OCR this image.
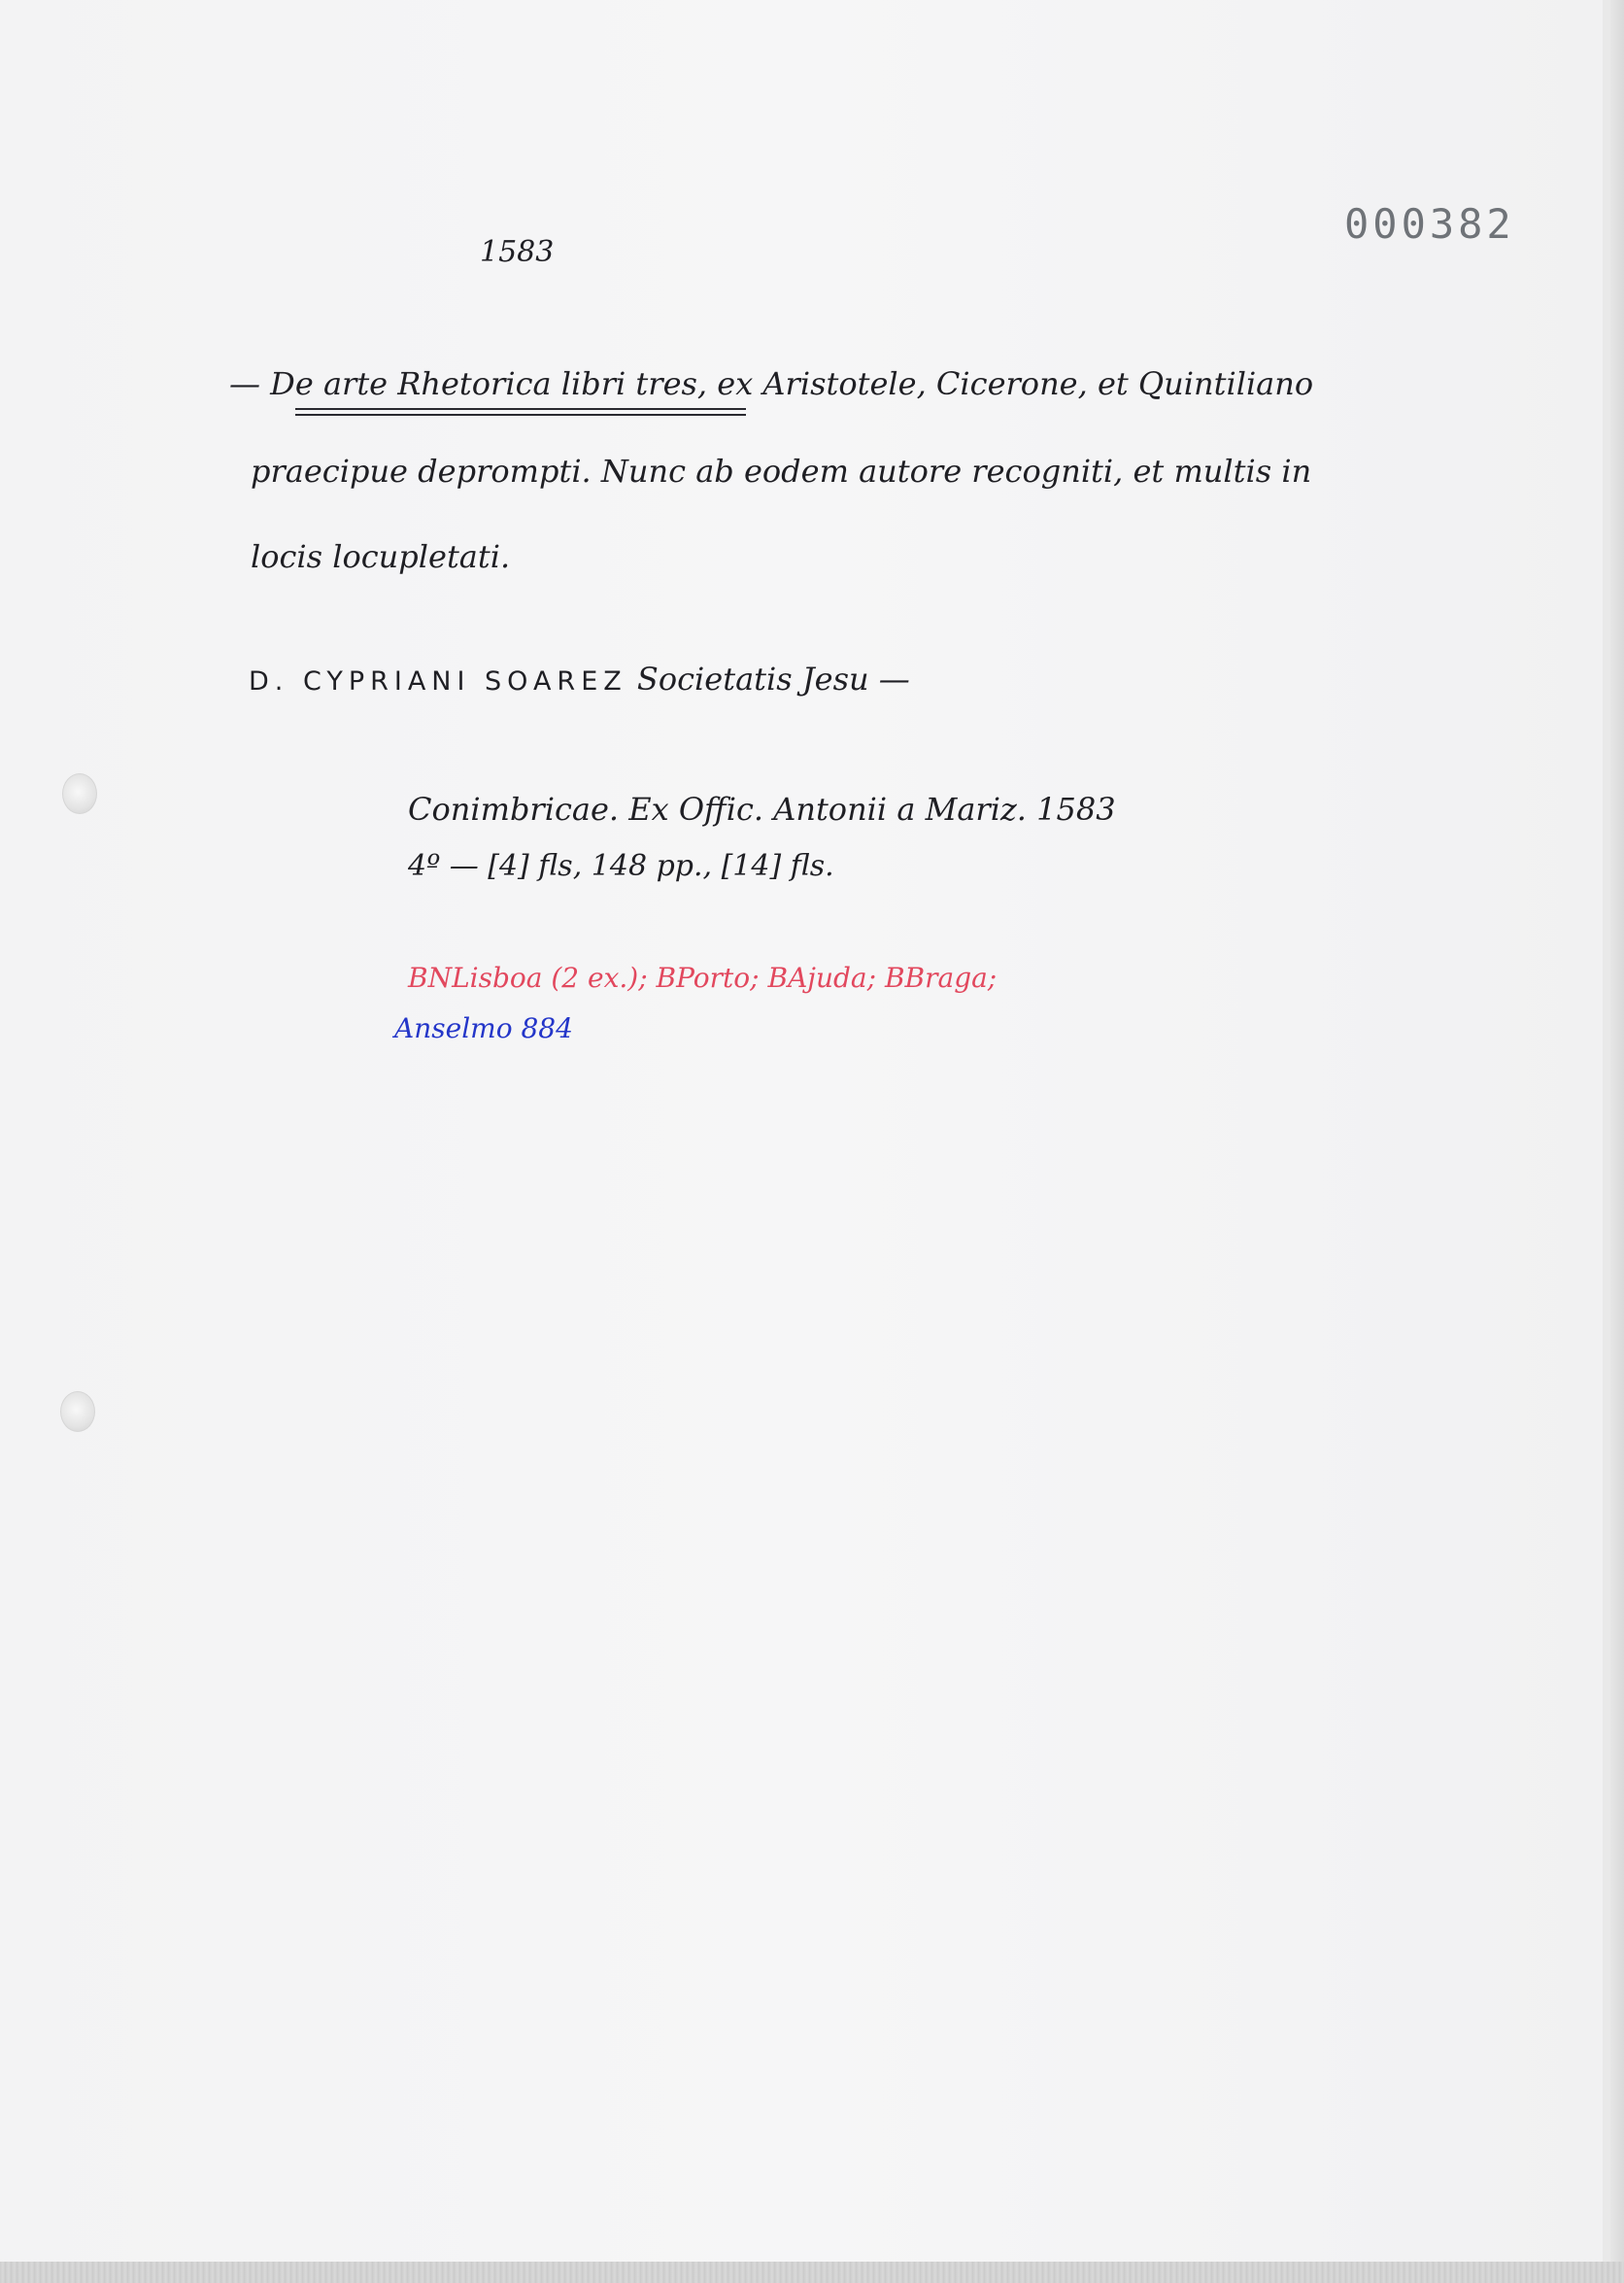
1583
000382
— De arte Rhetorica libri tres, ex Aristotele, Cicerone, et Quintiliano
praecipue deprompti. Nunc ab eodem autore recogniti, et multis in
locis locupletati.
D. CYPRIANI SOAREZ Societatis Jesu —
Conimbricae. Ex Offic. Antonii a Mariz. 1583
4º — [4] fls, 148 pp., [14] fls.
BNLisboa (2 ex.); BPorto; BAjuda; BBraga;
Anselmo 884
